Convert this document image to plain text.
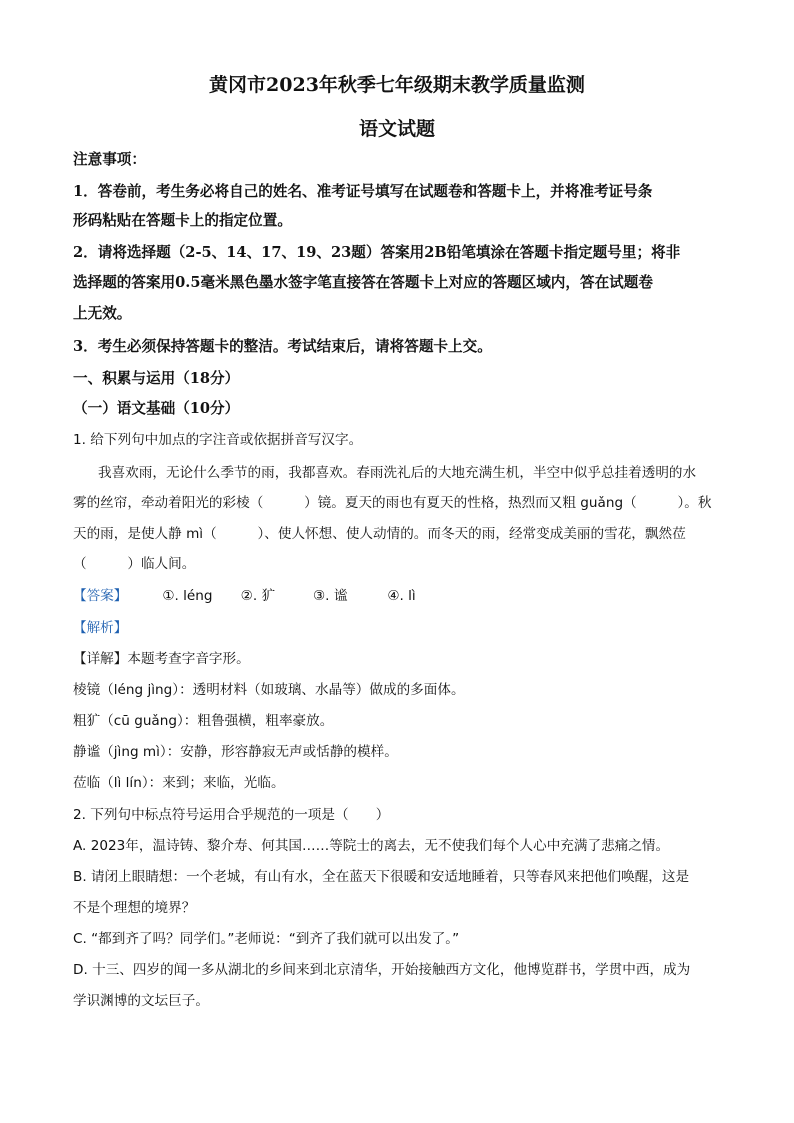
黄冈市2023年秋季七年级期末教学质量监测
语文试题
注意事项：
1．答卷前，考生务必将自己的姓名、准考证号填写在试题卷和答题卡上，并将准考证号条
形码粘贴在答题卡上的指定位置。
2．请将选择题（2-5、14、17、19、23题）答案用2B铅笔填涂在答题卡指定题号里；将非
选择题的答案用0.5毫米黑色墨水签字笔直接答在答题卡上对应的答题区域内，答在试题卷
上无效。
3．考生必须保持答题卡的整洁。考试结束后，请将答题卡上交。
一、积累与运用（18分）
（一）语文基础（10分）
1. 给下列句中加点的字注音或依据拼音写汉字。
我喜欢雨，无论什么季节的雨，我都喜欢。春雨洗礼后的大地充满生机，半空中似乎总挂着透明的水
雾的丝帘，牵动着阳光的彩棱（　　　）镜。夏天的雨也有夏天的性格，热烈而又粗 guǎng（　　　）。秋
天的雨，是使人静 mì（　　　）、使人怀想、使人动情的。而冬天的雨，经常变成美丽的雪花，飘然莅
（　　　）临人间。
【答案】	①. léng ②. 犷	③. 谧	④. lì
【解析】
【详解】本题考查字音字形。
棱镜（léng jìng）：透明材料（如玻璃、水晶等）做成的多面体。
粗犷（cū guǎng）：粗鲁强横，粗率豪放。
静谧（jìng mì）：安静，形容静寂无声或恬静的模样。
莅临（lì lín）：来到；来临，光临。
2. 下列句中标点符号运用合乎规范的一项是（　　）
A. 2023年，温诗铸、黎介寿、何其国……等院士的离去，无不使我们每个人心中充满了悲痛之情。
B. 请闭上眼睛想：一个老城，有山有水，全在蓝天下很暖和安适地睡着，只等春风来把他们唤醒，这是
不是个理想的境界？
C. “都到齐了吗？同学们。”老师说：“到齐了我们就可以出发了。”
D. 十三、四岁的闻一多从湖北的乡间来到北京清华，开始接触西方文化，他博览群书，学贯中西，成为
学识渊博的文坛巨子。
